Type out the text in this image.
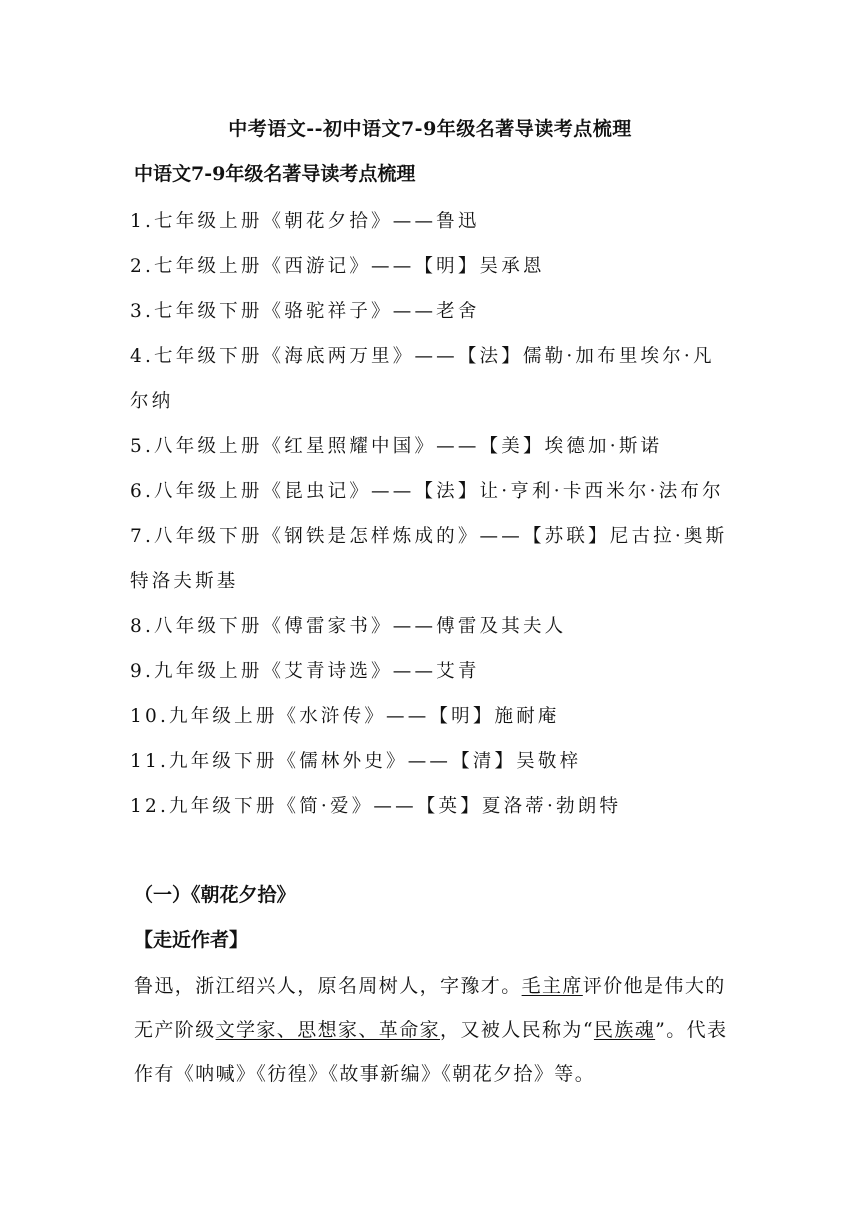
中考语文--初中语文7-9年级名著导读考点梳理
中语文7-9年级名著导读考点梳理
1.七年级上册《朝花夕拾》——鲁迅
2.七年级上册《西游记》——【明】吴承恩
3.七年级下册《骆驼祥子》——老舍
4.七年级下册《海底两万里》——【法】儒勒·加布里埃尔·凡尔纳
5.八年级上册《红星照耀中国》——【美】埃德加·斯诺
6.八年级上册《昆虫记》——【法】让·亨利·卡西米尔·法布尔
7.八年级下册《钢铁是怎样炼成的》——【苏联】尼古拉·奥斯特洛夫斯基
8.八年级下册《傅雷家书》——傅雷及其夫人
9.九年级上册《艾青诗选》——艾青
10.九年级上册《水浒传》——【明】施耐庵
11.九年级下册《儒林外史》——【清】吴敬梓
12.九年级下册《简·爱》——【英】夏洛蒂·勃朗特
（一）《朝花夕拾》
【走近作者】
鲁迅，浙江绍兴人，原名周树人，字豫才。毛主席评价他是伟大的无产阶级文学家、思想家、革命家，又被人民称为“民族魂”。代表作有《呐喊》《彷徨》《故事新编》《朝花夕拾》等。
